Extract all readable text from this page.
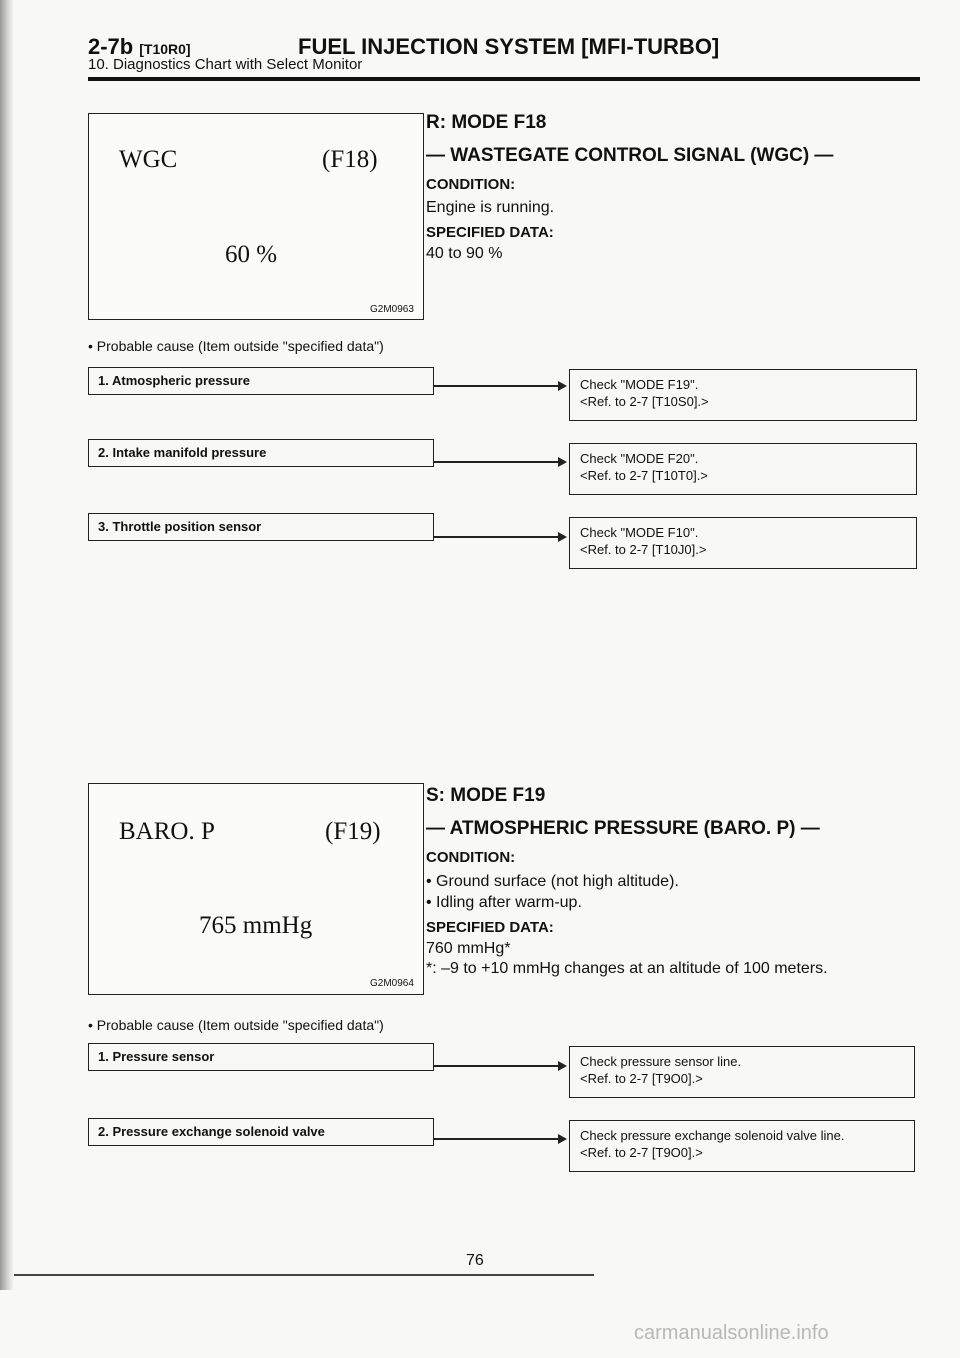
2-7b [T10R0]	FUEL INJECTION SYSTEM [MFI-TURBO]
10. Diagnostics Chart with Select Monitor
WGC	(F18)
60 %
G2M0963
R: MODE F18
— WASTEGATE CONTROL SIGNAL (WGC) —
CONDITION:
Engine is running.
SPECIFIED DATA:
40 to 90 %
• Probable cause (Item outside "specified data")
1. Atmospheric pressure	Check "MODE F19".
<Ref. to 2-7 [T10S0].>
2. Intake manifold pressure	Check "MODE F20".
<Ref. to 2-7 [T10T0].>
3. Throttle position sensor	Check "MODE F10".
<Ref. to 2-7 [T10J0].>
BARO. P	(F19)
765 mmHg
G2M0964
S: MODE F19
— ATMOSPHERIC PRESSURE (BARO. P) —
CONDITION:
• Ground surface (not high altitude).
• Idling after warm-up.
SPECIFIED DATA:
760 mmHg*
*: –9 to +10 mmHg changes at an altitude of 100 meters.
• Probable cause (Item outside "specified data")
1. Pressure sensor	Check pressure sensor line.
<Ref. to 2-7 [T9O0].>
2. Pressure exchange solenoid valve	Check pressure exchange solenoid valve line.
<Ref. to 2-7 [T9O0].>
76
carmanualsonline.info
